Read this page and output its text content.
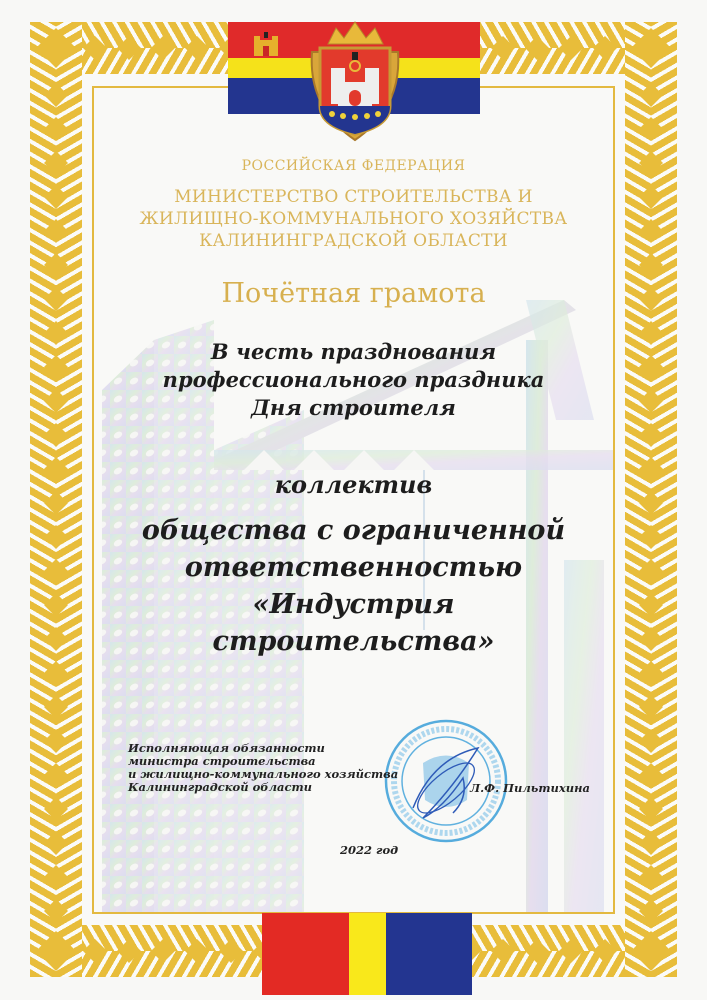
РОССИЙСКАЯ ФЕДЕРАЦИЯ
МИНИСТЕРСТВО СТРОИТЕЛЬСТВА И
ЖИЛИЩНО-КОММУНАЛЬНОГО ХОЗЯЙСТВА
КАЛИНИНГРАДСКОЙ ОБЛАСТИ
Почётная грамота
В честь празднования
профессионального праздника
Дня строителя
коллектив
общества с ограниченной
ответственностью
«Индустрия
строительства»
Исполняющая обязанности
министра строительства
и жилищно-коммунального хозяйства
Калининградской области	Л.Ф. Пильтихина
2022 год
